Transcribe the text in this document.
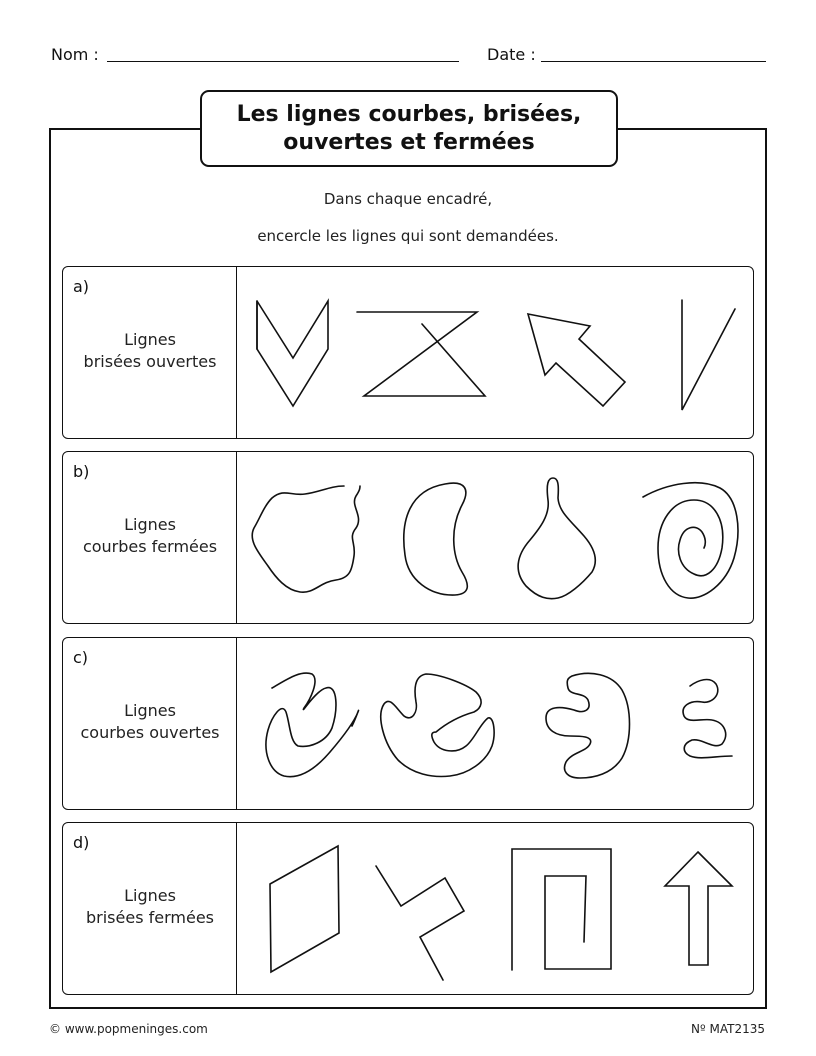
Nom :	Date :
Les lignes courbes, brisées,
ouvertes et fermées
Dans chaque encadré,
encercle les lignes qui sont demandées.
a)
Lignes
brisées ouvertes
b)
Lignes
courbes fermées
c)
Lignes
courbes ouvertes
d)
Lignes
brisées fermées
© www.popmeninges.com	Nº MAT2135
